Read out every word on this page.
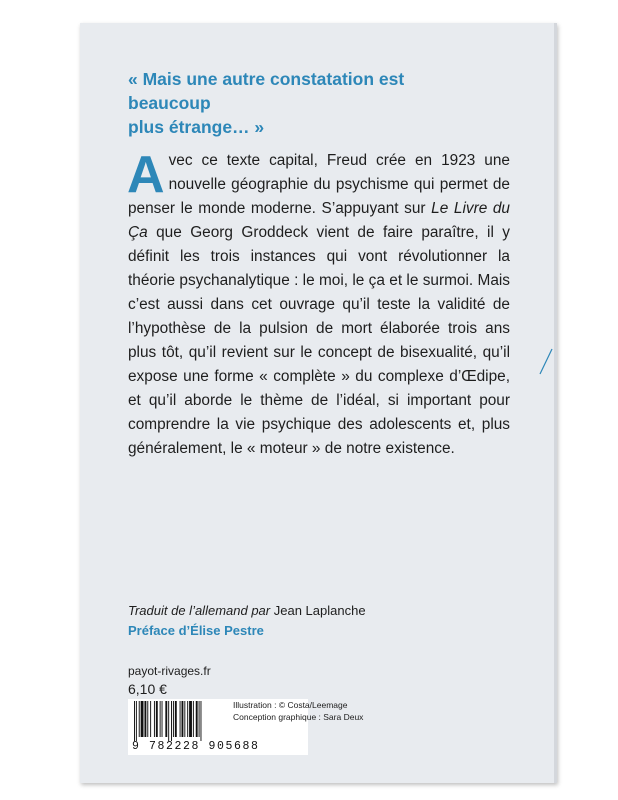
« Mais une autre constatation est beaucoup
plus étrange… »

Avec ce texte capital, Freud crée en 1923 une nouvelle géographie du psychisme qui permet de penser le monde moderne. S’appuyant sur Le Livre du Ça que Georg Groddeck vient de faire paraître, il y définit les trois instances qui vont révolutionner la théorie psychanalytique : le moi, le ça et le surmoi. Mais c’est aussi dans cet ouvrage qu’il teste la validité de l’hypothèse de la pulsion de mort élaborée trois ans plus tôt, qu’il revient sur le concept de bisexualité, qu’il expose une forme « complète » du complexe d’Œdipe, et qu’il aborde le thème de l’idéal, si important pour comprendre la vie psychique des adolescents et, plus généralement, le « moteur » de notre existence.

Traduit de l’allemand par Jean Laplanche
Préface d’Élise Pestre
payot-rivages.fr
6,10 €
9 782228 905688
Illustration : © Costa/Leemage
Conception graphique : Sara Deux
